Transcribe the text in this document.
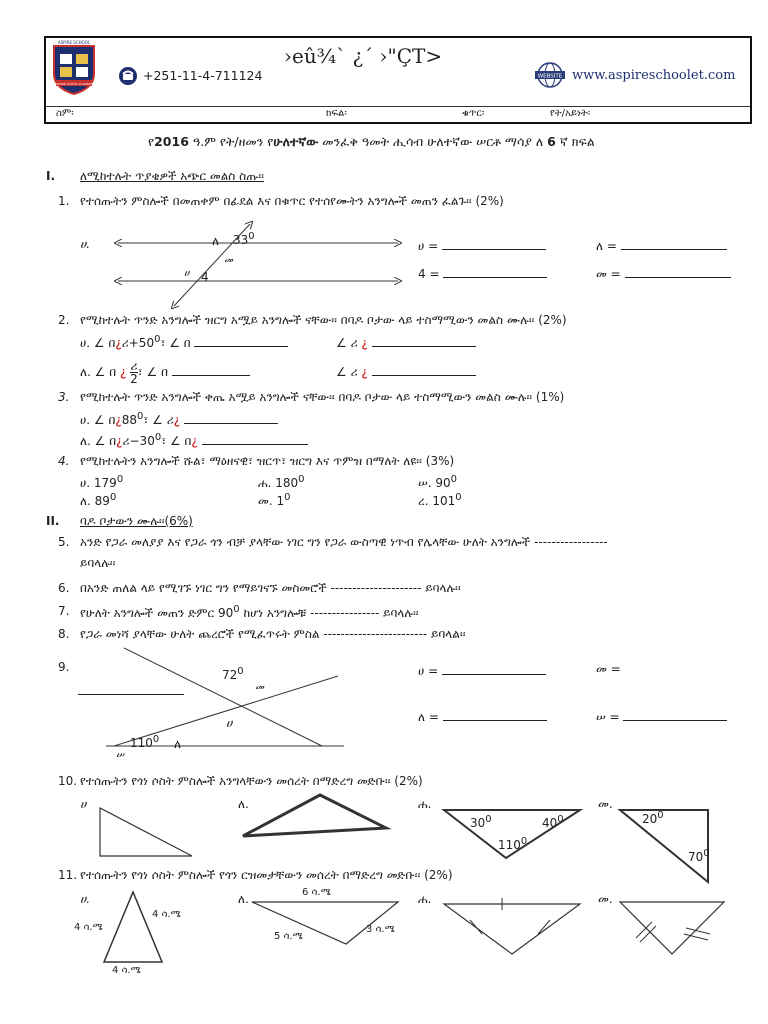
ASPIRE SCHOOL
ASPIRE YOUTH ACADEMY
+251-11-4-711124
›eû¾` ¿´ ›"ÇT>
WEBSITE www.aspireschoolet.com
ስም፡	ክፍል፡	ቁጥር፡	የት/አይነት፡
የ2016 ዓ.ም የት/ዘመን የሁለተኛው መንፈቅ ዓመት ሒሳብ ሁለተኛው ሠርቶ ማሳያ ለ 6 ኛ ክፍል
I. ለሚከተሉት ጥያቄዎች አጭር መልስ ስጡ፡፡
1. የተሰጡትን ምስሎች በመጠቀም በፊደል እና በቁጥር የተሰየሙትን አንግሎች መጠን ፈልጉ፡፡ (2%)
ሀ.	$33^0$
ለ
መ
ሀ 4
ሀ =	ለ =
4 =	መ =
2. የሚከተሉት ጥንድ አንግሎች ዝርግ አሟይ አንግሎች ናቸው፡፡ በባዶ ቦታው ላይ ተስማሚውን መልስ ሙሉ፡፡ (2%)
ሀ. ∠ $በ¿ሪ+50^0፣$ ∠ በ	∠ ሪ ¿
ለ. ∠ በ ¿ ሪ
2 ፣ ∠ በ	∠ ሪ ¿
3. የሚከተሉት ጥንድ አንግሎች ቀጤ አሟይ አንግሎች ናቸው፡፡ በባዶ ቦታው ላይ ተስማሚውን መልስ ሙሉ፡፡ (1%)
ሀ. ∠ $በ¿88^0፣$ ∠ ሪ¿
ለ. ∠ $በ¿ሪ-30^0፣$ ∠ በ¿
4. የሚከተሉትን አንግሎች ሹል፣ ማዕዘናዊ፣ ዝርጥ፣ ዝርግ እና ጥምዝ በማለት ለዩ፡፡ (3%)
ሀ. $179^0$	ሐ. $180^0$	ሠ. $90^0$
ለ. $89^0$	መ. $1^0$	ረ. $101^0$
II. ባዶ ቦታውን ሙሉ፡፡(6%)
5. አንድ የጋራ መለያያ እና የጋራ ጎን ብቻ ያላቸው ነገር ግን የጋራ ውስጣዊ ነጥብ የሌላቸው ሁለት አንግሎች -----------------
ይባላሉ፡፡
6. በአንድ ጠለል ላይ የሚገኙ ነገር ግን የማይገናኙ መስመሮች --------------------- ይባላሉ፡፡
7. የሁለት አንግሎች መጠን ድምር $90^0$ ከሆነ አንግሎቹ ---------------- ይባላሉ፡፡
8. የጋራ መነሻ ያላቸው ሁለት ጨረሮች የሚፈጥሩት ምስል ------------------------ ይባላል፡፡
9.
$72^0$
መ
ሀ
$110^0$ ለ
ሠ
ሀ =	መ =
ለ =	ሠ =
10. የተሰጡትን የጎነ ሶስት ምስሎች አንግላቸውን መሰረት በማድረግ መድቡ፡፡ (2%)
ሀ	ለ.	ሐ.	መ.
$30^0$	$40^0$
$110^0$
$20^0$
$70^0$
11. የተሰጡትን የጎነ ሶስት ምስሎች የጎን ርዝመታቸውን መሰረት በማድረግ መድቡ፡፡ (2%)
ሀ.	ለ.	ሐ.	መ.
4 ሳ.ሜ
4 ሳ.ሜ
4 ሳ.ሜ
6 ሳ.ሜ
5 ሳ.ሜ
3 ሳ.ሜ
